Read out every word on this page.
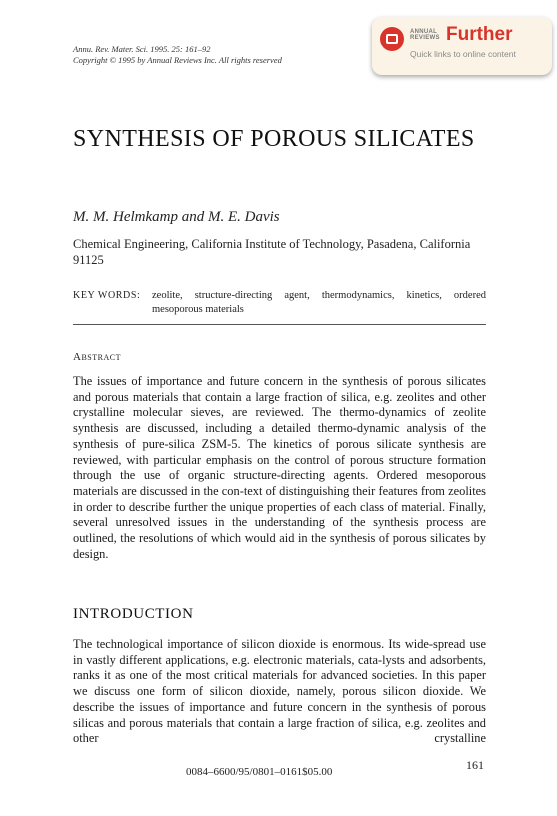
Annu. Rev. Mater. Sci. 1995. 25: 161–92
Copyright © 1995 by Annual Reviews Inc. All rights reserved
ANNUAL
REVIEWS Further
Quick links to online content
SYNTHESIS OF POROUS SILICATES
M. M. Helmkamp and M. E. Davis
Chemical Engineering, California Institute of Technology, Pasadena, California 91125
KEY WORDS: zeolite, structure-directing agent, thermodynamics, kinetics, ordered mesoporous materials
Abstract
The issues of importance and future concern in the synthesis of porous silicates and porous materials that contain a large fraction of silica, e.g. zeolites and other crystalline molecular sieves, are reviewed. The thermo-dynamics of zeolite synthesis are discussed, including a detailed thermo-dynamic analysis of the synthesis of pure-silica ZSM-5. The kinetics of porous silicate synthesis are reviewed, with particular emphasis on the control of porous structure formation through the use of organic structure-directing agents. Ordered mesoporous materials are discussed in the con-text of distinguishing their features from zeolites in order to describe further the unique properties of each class of material. Finally, several unresolved issues in the understanding of the synthesis process are outlined, the resolutions of which would aid in the synthesis of porous silicates by design.
INTRODUCTION
The technological importance of silicon dioxide is enormous. Its wide-spread use in vastly different applications, e.g. electronic materials, cata-lysts and adsorbents, ranks it as one of the most critical materials for advanced societies. In this paper we discuss one form of silicon dioxide, namely, porous silicon dioxide. We describe the issues of importance and future concern in the synthesis of porous silicas and porous materials that contain a large fraction of silica, e.g. zeolites and other crystalline
0084–6600/95/0801–0161$05.00	161
